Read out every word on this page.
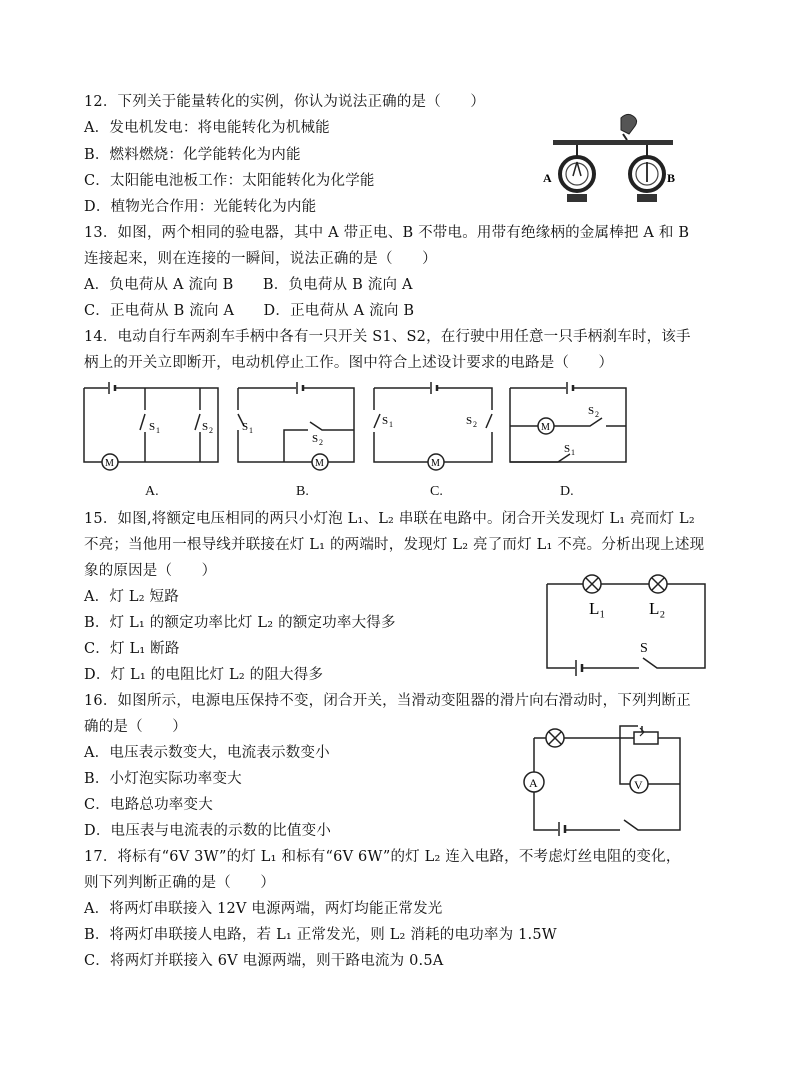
12．下列关于能量转化的实例，你认为说法正确的是（　　）
A．发电机发电：将电能转化为机械能
B．燃料燃烧：化学能转化为内能
C．太阳能电池板工作：太阳能转化为化学能
D．植物光合作用：光能转化为内能
A	B
13．如图，两个相同的验电器，其中 A 带正电、B 不带电。用带有绝缘柄的金属棒把 A 和 B
连接起来，则在连接的一瞬间，说法正确的是（　　）
A．负电荷从 A 流向 B　　B．负电荷从 B 流向 A
C．正电荷从 B 流向 A　　D．正电荷从 A 流向 B
14．电动自行车两刹车手柄中各有一只开关 S1、S2，在行驶中用任意一只手柄刹车时，该手
柄上的开关立即断开，电动机停止工作。图中符合上述设计要求的电路是（　　）
M
S 1	S 2
A.
M
S 1
S 2
B.
M
S 1	S 2
C.
M
S 2
S 1
D.
15．如图,将额定电压相同的两只小灯泡 L₁、L₂ 串联在电路中。闭合开关发现灯 L₁ 亮而灯 L₂
不亮；当他用一根导线并联接在灯 L₁ 的两端时，发现灯 L₂ 亮了而灯 L₁ 不亮。分析出现上述现
象的原因是（　　）
A．灯 L₂ 短路
B．灯 L₁ 的额定功率比灯 L₂ 的额定功率大得多
C．灯 L₁ 断路
D．灯 L₁ 的电阻比灯 L₂ 的阻大得多
L₁	L₂
S
16．如图所示，电源电压保持不变，闭合开关，当滑动变阻器的滑片向右滑动时，下列判断正
确的是（　　）
A．电压表示数变大，电流表示数变小
B．小灯泡实际功率变大
C．电路总功率变大
D．电压表与电流表的示数的比值变小
A	V
17．将标有“6V 3W”的灯 L₁ 和标有“6V 6W”的灯 L₂ 连入电路，不考虑灯丝电阻的变化，
则下列判断正确的是（　　）
A．将两灯串联接入 12V 电源两端，两灯均能正常发光
B．将两灯串联接人电路，若 L₁ 正常发光，则 L₂ 消耗的电功率为 1.5W
C．将两灯并联接入 6V 电源两端，则干路电流为 0.5A
